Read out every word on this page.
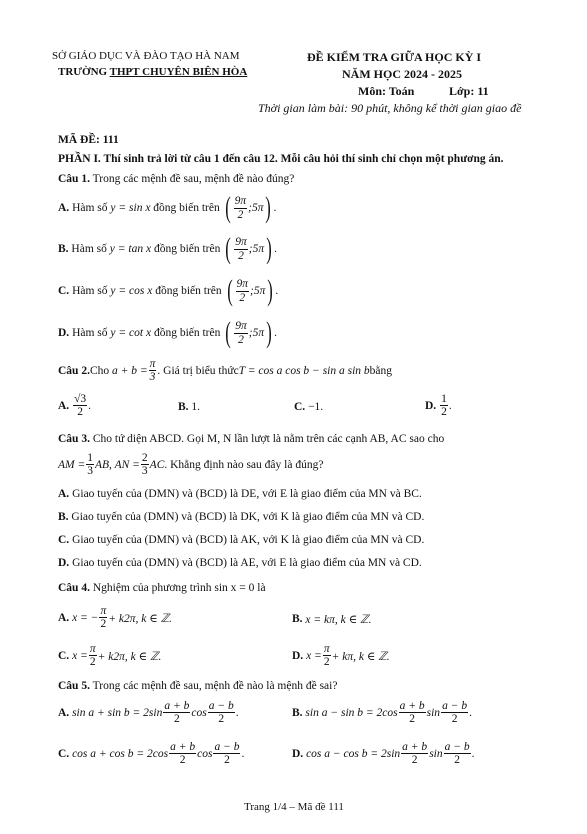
SỞ GIÁO DỤC VÀ ĐÀO TẠO HÀ NAM
TRƯỜNG THPT CHUYÊN BIÊN HÒA
ĐỀ KIỂM TRA GIỮA HỌC KỲ I
NĂM HỌC 2024 - 2025
Môn: Toán	Lớp: 11
Thời gian làm bài: 90 phút, không kể thời gian giao đề
MÃ ĐỀ: 111
PHẦN I. Thí sinh trả lời từ câu 1 đến câu 12. Mỗi câu hỏi thí sinh chỉ chọn một phương án.
Câu 1. Trong các mệnh đề sau, mệnh đề nào đúng?
A.
Hàm số
y = sin x
đồng biến trên
( $\frac{9\pi}{2}$ ;5π ) .
B.
Hàm số
y = tan x
đồng biến trên
( $\frac{9\pi}{2}$ ;5π ) .
C.
Hàm số
y = cos x
đồng biến trên
( $\frac{9\pi}{2}$ ;5π ) .
D.
Hàm số
y = cot x
đồng biến trên
( $\frac{9\pi}{2}$ ;5π ) .
Câu 2. Cho
$a + b = \frac{\pi}{3}$ . Giá trị biểu thức T = cos a cos b − sin a sin b bằng
A.
$\frac{√3}{2}$ .	B.
1.	C.
−1.	D.
$\frac{1}{2}$ .
Câu 3. Cho tứ diện ABCD. Gọi M, N lần lượt là nằm trên các cạnh AB, AC sao cho
AM = $\frac{1}{3}$ AB, AN = $\frac{2}{3}$ AC . Khẳng định nào sau đây là đúng?
A. Giao tuyến của (DMN) và (BCD) là DE, với E là giao điểm của MN và BC.
B. Giao tuyến của (DMN) và (BCD) là DK, với K là giao điểm của MN và CD.
C. Giao tuyến của (DMN) và (BCD) là AK, với K là giao điểm của MN và CD.
D. Giao tuyến của (DMN) và (BCD) là AE, với E là giao điểm của MN và CD.
Câu 4. Nghiệm của phương trình sin x = 0 là
A.
x = − $\frac{\pi}{2} + k2\pi$, k ∈ ℤ.	B.
x = kπ, k ∈ ℤ.
C.
$x = \frac{\pi}{2} + k2\pi$, k ∈ ℤ.	D.
$x = \frac{\pi}{2} + k\pi$, k ∈ ℤ.
Câu 5. Trong các mệnh đề sau, mệnh đề nào là mệnh đề sai?
A.
$\sin a + \sin b = 2\sin \frac{a + b}{2}$ $\cos \frac{a - b}{2}$ .	B.
$\sin a - \sin b = 2\cos \frac{a + b}{2}$ $\sin \frac{a - b}{2}$ .
C.
$\cos a + \cos b = 2\cos \frac{a + b}{2}$ $\cos \frac{a - b}{2}$ .	D.
$\cos a - \cos b = 2\sin \frac{a + b}{2}$ $\sin \frac{a - b}{2}$ .
Trang 1/4 – Mã đề 111
